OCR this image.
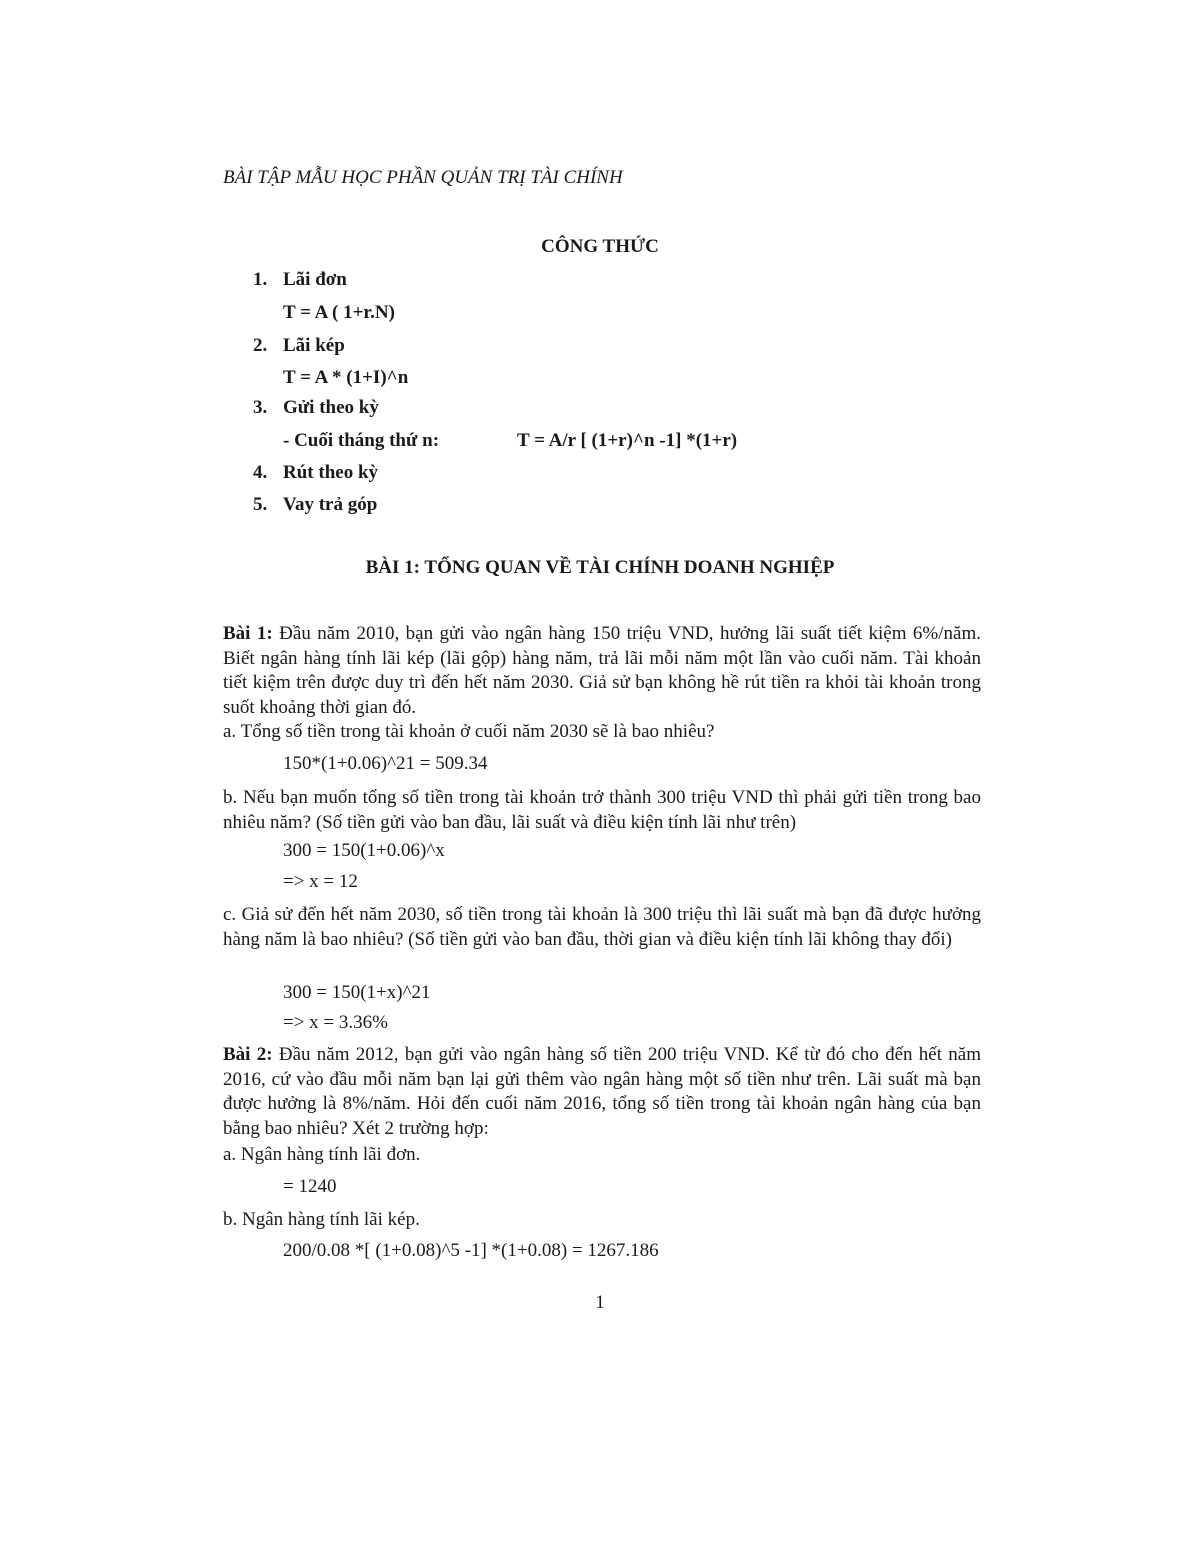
BÀI TẬP MẪU HỌC PHẦN QUẢN TRỊ TÀI CHÍNH
CÔNG THỨC
1. Lãi đơn
T = A ( 1+r.N)
2. Lãi kép
T = A * (1+I)^n
3. Gửi theo kỳ
- Cuối tháng thứ n:	T = A/r [ (1+r)^n -1] *(1+r)
4. Rút theo kỳ
5. Vay trả góp
BÀI 1: TỔNG QUAN VỀ TÀI CHÍNH DOANH NGHIỆP
Bài 1: Đầu năm 2010, bạn gửi vào ngân hàng 150 triệu VND, hưởng lãi suất tiết kiệm 6%/năm. Biết ngân hàng tính lãi kép (lãi gộp) hàng năm, trả lãi mỗi năm một lần vào cuối năm. Tài khoản tiết kiệm trên được duy trì đến hết năm 2030. Giả sử bạn không hề rút tiền ra khỏi tài khoản trong suốt khoảng thời gian đó.
a. Tổng số tiền trong tài khoản ở cuối năm 2030 sẽ là bao nhiêu?
150*(1+0.06)^21 = 509.34
b. Nếu bạn muốn tổng số tiền trong tài khoản trở thành 300 triệu VND thì phải gửi tiền trong bao nhiêu năm? (Số tiền gửi vào ban đầu, lãi suất và điều kiện tính lãi như trên)
300 = 150(1+0.06)^x
=> x = 12
c. Giả sử đến hết năm 2030, số tiền trong tài khoản là 300 triệu thì lãi suất mà bạn đã được hưởng hàng năm là bao nhiêu? (Số tiền gửi vào ban đầu, thời gian và điều kiện tính lãi không thay đổi)
300 = 150(1+x)^21
=> x = 3.36%
Bài 2: Đầu năm 2012, bạn gửi vào ngân hàng số tiền 200 triệu VND. Kể từ đó cho đến hết năm 2016, cứ vào đầu mỗi năm bạn lại gửi thêm vào ngân hàng một số tiền như trên. Lãi suất mà bạn được hưởng là 8%/năm. Hỏi đến cuối năm 2016, tổng số tiền trong tài khoản ngân hàng của bạn bằng bao nhiêu? Xét 2 trường hợp:
a. Ngân hàng tính lãi đơn.
= 1240
b. Ngân hàng tính lãi kép.
200/0.08 *[ (1+0.08)^5 -1] *(1+0.08) = 1267.186
1
